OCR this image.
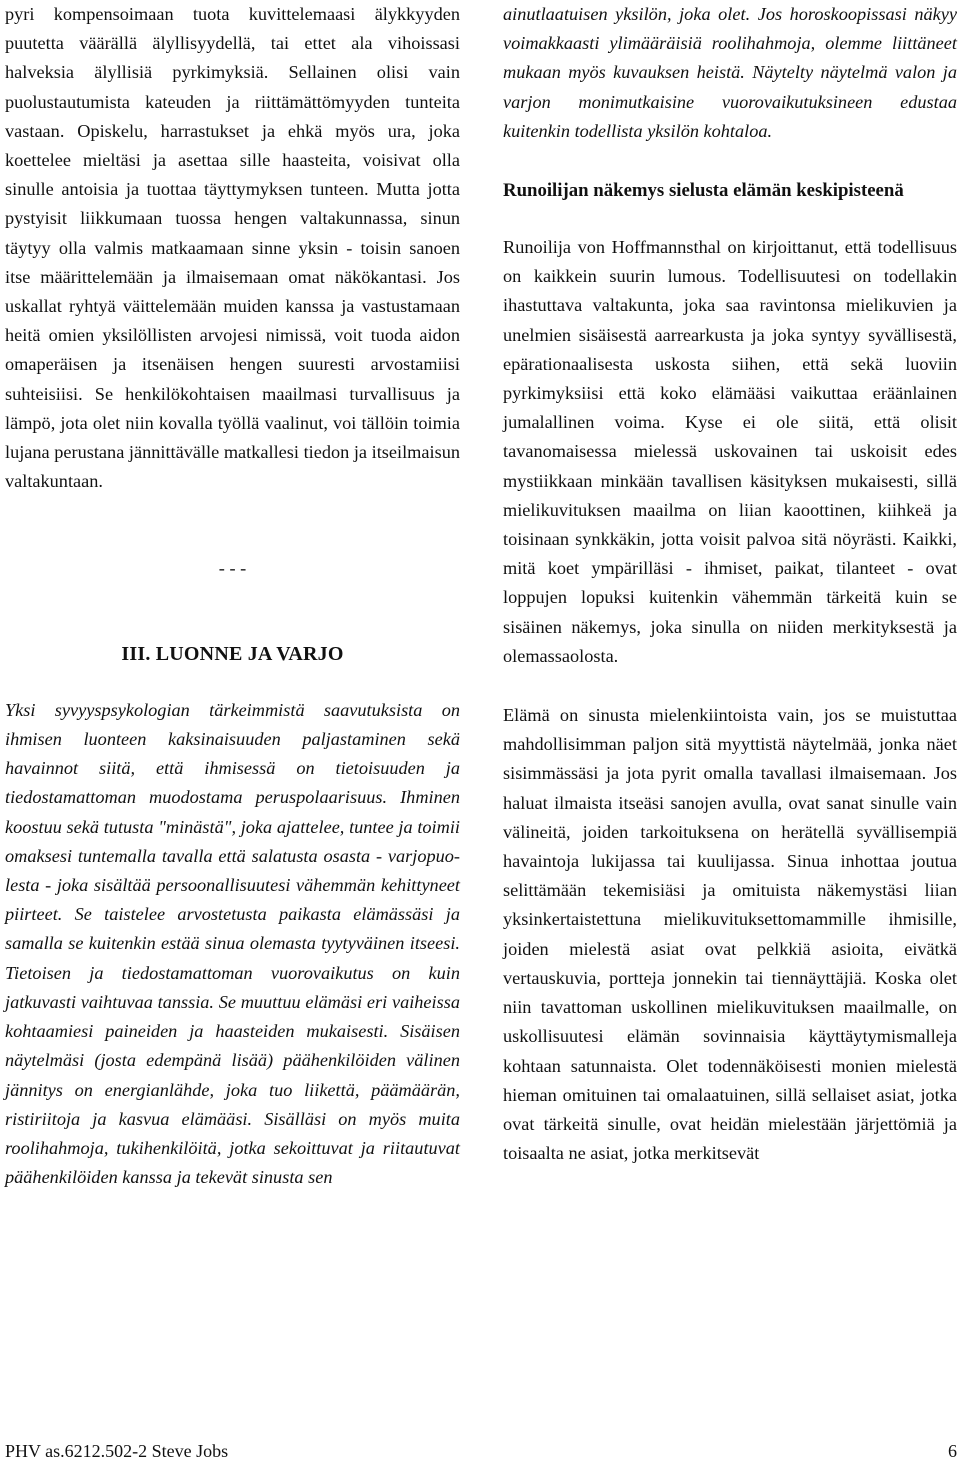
pyri kompensoimaan tuota kuvittelemaasi älykkyyden puutetta väärällä älyllisyydellä, tai ettet ala vihoissasi halveksia älyllisiä pyrkimyksiä. Sellainen olisi vain puolustautumista kateuden ja riittämättömyyden tunteita vastaan. Opiskelu, harrastukset ja ehkä myös ura, joka koettelee mieltäsi ja asettaa sille haasteita, voisivat olla sinulle antoisia ja tuottaa täyttymyksen tunteen. Mutta jotta pystyisit liikkumaan tuossa hengen valtakunnassa, sinun täytyy olla valmis matkaamaan sinne yksin - toisin sanoen itse määrittelemään ja ilmaisemaan omat näkökantasi. Jos uskallat ryhtyä väittelemään muiden kanssa ja vastustamaan heitä omien yksilöllisten arvojesi nimissä, voit tuoda aidon omaperäisen ja itsenäisen hengen suuresti arvostamiisi suhteisiisi. Se henkilökohtaisen maailmasi turvallisuus ja lämpö, jota olet niin kovalla työllä vaalinut, voi tällöin toimia lujana perustana jännittävälle matkallesi tiedon ja itseilmaisun valtakuntaan.

- - -

III. LUONNE JA VARJO

Yksi syvyyspsykologian tärkeimmistä saavutuksista on ihmisen luonteen kaksinaisuuden paljastaminen sekä havainnot siitä, että ihmisessä on tietoisuuden ja tiedostamattoman muodostama peruspolaarisuus. Ihminen koostuu sekä tutusta "minästä", joka ajattelee, tuntee ja toimii omaksesi tuntemalla tavalla että salatusta osasta - varjopuolesta - joka sisältää persoonallisuutesi vähemmän kehittyneet piirteet. Se taistelee arvostetusta paikasta elämässäsi ja samalla se kuitenkin estää sinua olemasta tyytyväinen itseesi. Tietoisen ja tiedostamattoman vuorovaikutus on kuin jatkuvasti vaihtuvaa tanssia. Se muuttuu elämäsi eri vaiheissa kohtaamiesi paineiden ja haasteiden mukaisesti. Sisäisen näytelmäsi (josta edempänä lisää) päähenkilöiden välinen jännitys on energianlähde, joka tuo liikettä, päämäärän, ristiriitoja ja kasvua elämääsi. Sisälläsi on myös muita roolihahmoja, tukihenkilöitä, jotka sekoittuvat ja riitautuvat päähenkilöiden kanssa ja tekevät sinusta sen

ainutlaatuisen yksilön, joka olet. Jos horoskoopissasi näkyy voimakkaasti ylimääräisiä roolihahmoja, olemme liittäneet mukaan myös kuvauksen heistä. Näytelty näytelmä valon ja varjon monimutkaisine vuorovaikutuksineen edustaa kuitenkin todellista yksilön kohtaloa.

Runoilijan näkemys sielusta elämän keskipisteenä

Runoilija von Hoffmannsthal on kirjoittanut, että todellisuus on kaikkein suurin lumous. Todellisuutesi on todellakin ihastuttava valtakunta, joka saa ravintonsa mielikuvien ja unelmien sisäisestä aarrearkusta ja joka syntyy syvällisestä, epärationaalisesta uskosta siihen, että sekä luoviin pyrkimyksiisi että koko elämääsi vaikuttaa eräänlainen jumalallinen voima. Kyse ei ole siitä, että olisit tavanomaisessa mielessä uskovainen tai uskoisit edes mystiikkaan minkään tavallisen käsityksen mukaisesti, sillä mielikuvituksen maailma on liian kaoottinen, kiihkeä ja toisinaan synkkäkin, jotta voisit palvoa sitä nöyrästi. Kaikki, mitä koet ympärilläsi - ihmiset, paikat, tilanteet - ovat loppujen lopuksi kuitenkin vähemmän tärkeitä kuin se sisäinen näkemys, joka sinulla on niiden merkityksestä ja olemassaolosta.

Elämä on sinusta mielenkiintoista vain, jos se muistuttaa mahdollisimman paljon sitä myyttistä näytelmää, jonka näet sisimmässäsi ja jota pyrit omalla tavallasi ilmaisemaan. Jos haluat ilmaista itseäsi sanojen avulla, ovat sanat sinulle vain välineitä, joiden tarkoituksena on herätellä syvällisempiä havaintoja lukijassa tai kuulijassa. Sinua inhottaa joutua selittämään tekemisiäsi ja omituista näkemystäsi liian yksinkertaistettuna mielikuvituksettomammille ihmisille, joiden mielestä asiat ovat pelkkiä asioita, eivätkä vertauskuvia, portteja jonnekin tai tiennäyttäjiä. Koska olet niin tavattoman uskollinen mielikuvituksen maailmalle, on uskollisuutesi elämän sovinnaisia käyttäytymismalleja kohtaan satunnaista. Olet todennäköisesti monien mielestä hieman omituinen tai omalaatuinen, sillä sellaiset asiat, jotka ovat tärkeitä sinulle, ovat heidän mielestään järjettömiä ja toisaalta ne asiat, jotka merkitsevät

PHV as.6212.502-2 Steve Jobs	6
